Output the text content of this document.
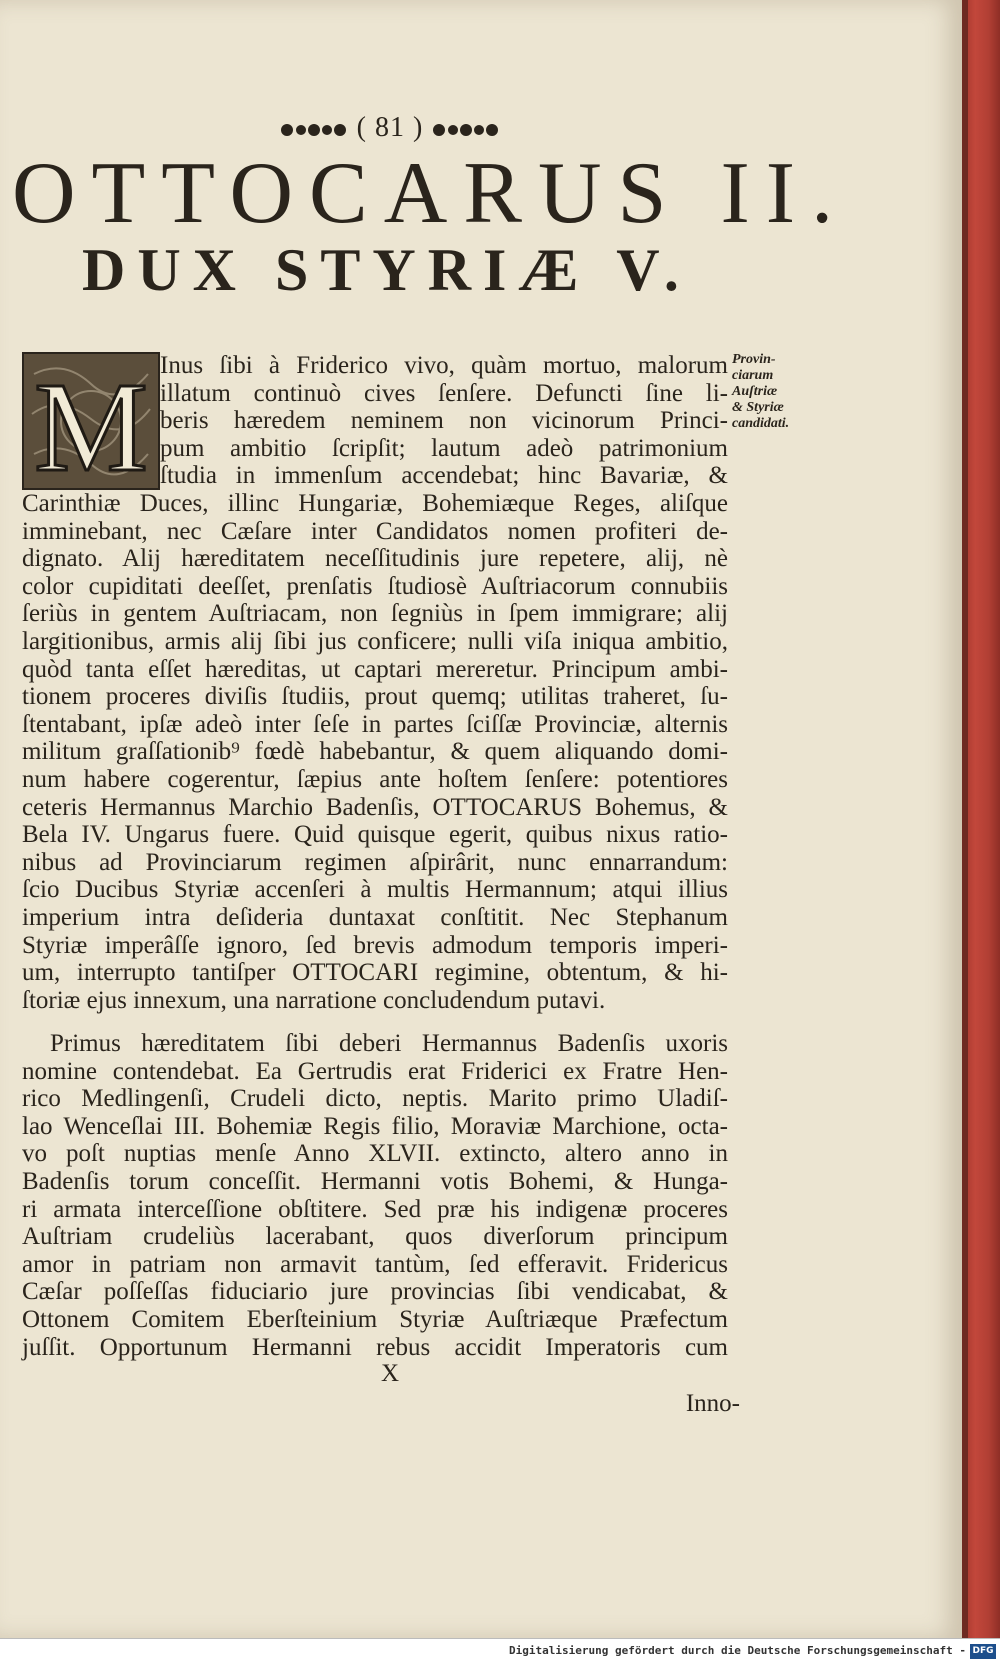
( 81 )
OTTOCARUS II.
DUX STYRIÆ V.
M Inus ſibi à Friderico vivo, quàm mortuo, malorum
illatum continuò cives ſenſere. Defuncti ſine li-
beris hæredem neminem non vicinorum Princi-
pum ambitio ſcripſit; lautum adeò patrimonium
ſtudia in immenſum accendebat; hinc Bavariæ, &
Provin-
ciarum
Auſtriæ
& Styriæ
candidati.
Carinthiæ Duces, illinc Hungariæ, Bohemiæque Reges, aliſque
imminebant, nec Cæſare inter Candidatos nomen profiteri de-
dignato. Alij hæreditatem neceſſitudinis jure repetere, alij, nè
color cupiditati deeſſet, prenſatis ſtudiosè Auſtriacorum connubiis
ſeriùs in gentem Auſtriacam, non ſegniùs in ſpem immigrare; alij
largitionibus, armis alij ſibi jus conficere; nulli viſa iniqua ambitio,
quòd tanta eſſet hæreditas, ut captari mereretur. Principum ambi-
tionem proceres diviſis ſtudiis, prout quemq; utilitas traheret, ſu-
ſtentabant, ipſæ adeò inter ſeſe in partes ſciſſæ Provinciæ, alternis
militum graſſationib⁹ fœdè habebantur, & quem aliquando domi-
num habere cogerentur, ſæpius ante hoſtem ſenſere: potentiores
ceteris Hermannus Marchio Badenſis, OTTOCARUS Bohemus, &
Bela IV. Ungarus fuere. Quid quisque egerit, quibus nixus ratio-
nibus ad Provinciarum regimen aſpirârit, nunc ennarrandum:
ſcio Ducibus Styriæ accenſeri à multis Hermannum; atqui illius
imperium intra deſideria duntaxat conſtitit. Nec Stephanum
Styriæ imperâſſe ignoro, ſed brevis admodum temporis imperi-
um, interrupto tantiſper OTTOCARI regimine, obtentum, & hi-
ſtoriæ ejus innexum, una narratione concludendum putavi.
Primus hæreditatem ſibi deberi Hermannus Badenſis uxoris
nomine contendebat. Ea Gertrudis erat Friderici ex Fratre Hen-
rico Medlingenſi, Crudeli dicto, neptis. Marito primo Uladiſ-
lao Wenceſlai III. Bohemiæ Regis filio, Moraviæ Marchione, octa-
vo poſt nuptias menſe Anno XLVII. extincto, altero anno in
Badenſis torum conceſſit. Hermanni votis Bohemi, & Hunga-
ri armata interceſſione obſtitere. Sed præ his indigenæ proceres
Auſtriam crudeliùs lacerabant, quos diverſorum principum
amor in patriam non armavit tantùm, ſed efferavit. Fridericus
Cæſar poſſeſſas fiduciario jure provincias ſibi vendicabat, &
Ottonem Comitem Eberſteinium Styriæ Auſtriæque Præfectum
juſſit. Opportunum Hermanni rebus accidit Imperatoris cum
X
Inno-
Digitalisierung gefördert durch die Deutsche Forschungsgemeinschaft - DFG
